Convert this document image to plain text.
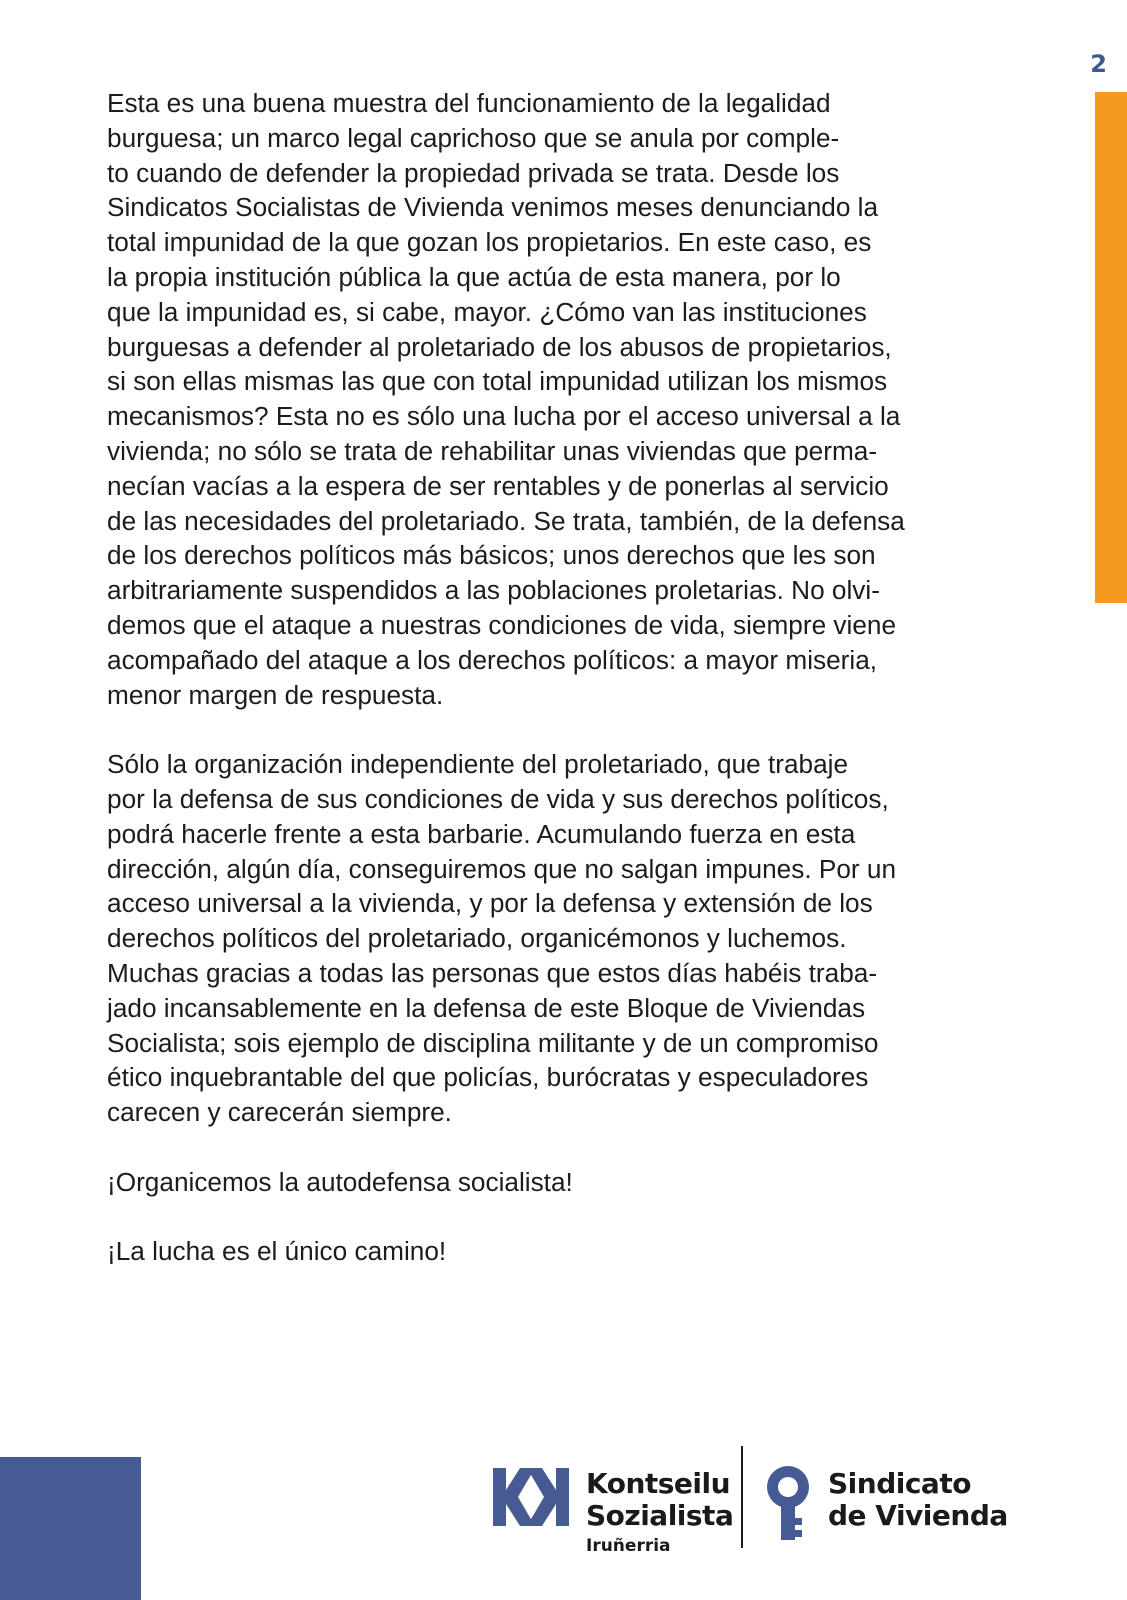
2

Esta es una buena muestra del funcionamiento de la legalidad
burguesa; un marco legal caprichoso que se anula por comple-
to cuando de defender la propiedad privada se trata. Desde los
Sindicatos Socialistas de Vivienda venimos meses denunciando la
total impunidad de la que gozan los propietarios. En este caso, es
la propia institución pública la que actúa de esta manera, por lo
que la impunidad es, si cabe, mayor. ¿Cómo van las instituciones
burguesas a defender al proletariado de los abusos de propietarios,
si son ellas mismas las que con total impunidad utilizan los mismos
mecanismos? Esta no es sólo una lucha por el acceso universal a la
vivienda; no sólo se trata de rehabilitar unas viviendas que perma-
necían vacías a la espera de ser rentables y de ponerlas al servicio
de las necesidades del proletariado. Se trata, también, de la defensa
de los derechos políticos más básicos; unos derechos que les son
arbitrariamente suspendidos a las poblaciones proletarias. No olvi-
demos que el ataque a nuestras condiciones de vida, siempre viene
acompañado del ataque a los derechos políticos: a mayor miseria,
menor margen de respuesta.

Sólo la organización independiente del proletariado, que trabaje
por la defensa de sus condiciones de vida y sus derechos políticos,
podrá hacerle frente a esta barbarie. Acumulando fuerza en esta
dirección, algún día, conseguiremos que no salgan impunes. Por un
acceso universal a la vivienda, y por la defensa y extensión de los
derechos políticos del proletariado, organicémonos y luchemos.
Muchas gracias a todas las personas que estos días habéis traba-
jado incansablemente en la defensa de este Bloque de Viviendas
Socialista; sois ejemplo de disciplina militante y de un compromiso
ético inquebrantable del que policías, burócratas y especuladores
carecen y carecerán siempre.

¡Organicemos la autodefensa socialista!

¡La lucha es el único camino!

Kontseilu
Sozialista
Iruñerria
Sindicato
de Vivienda
